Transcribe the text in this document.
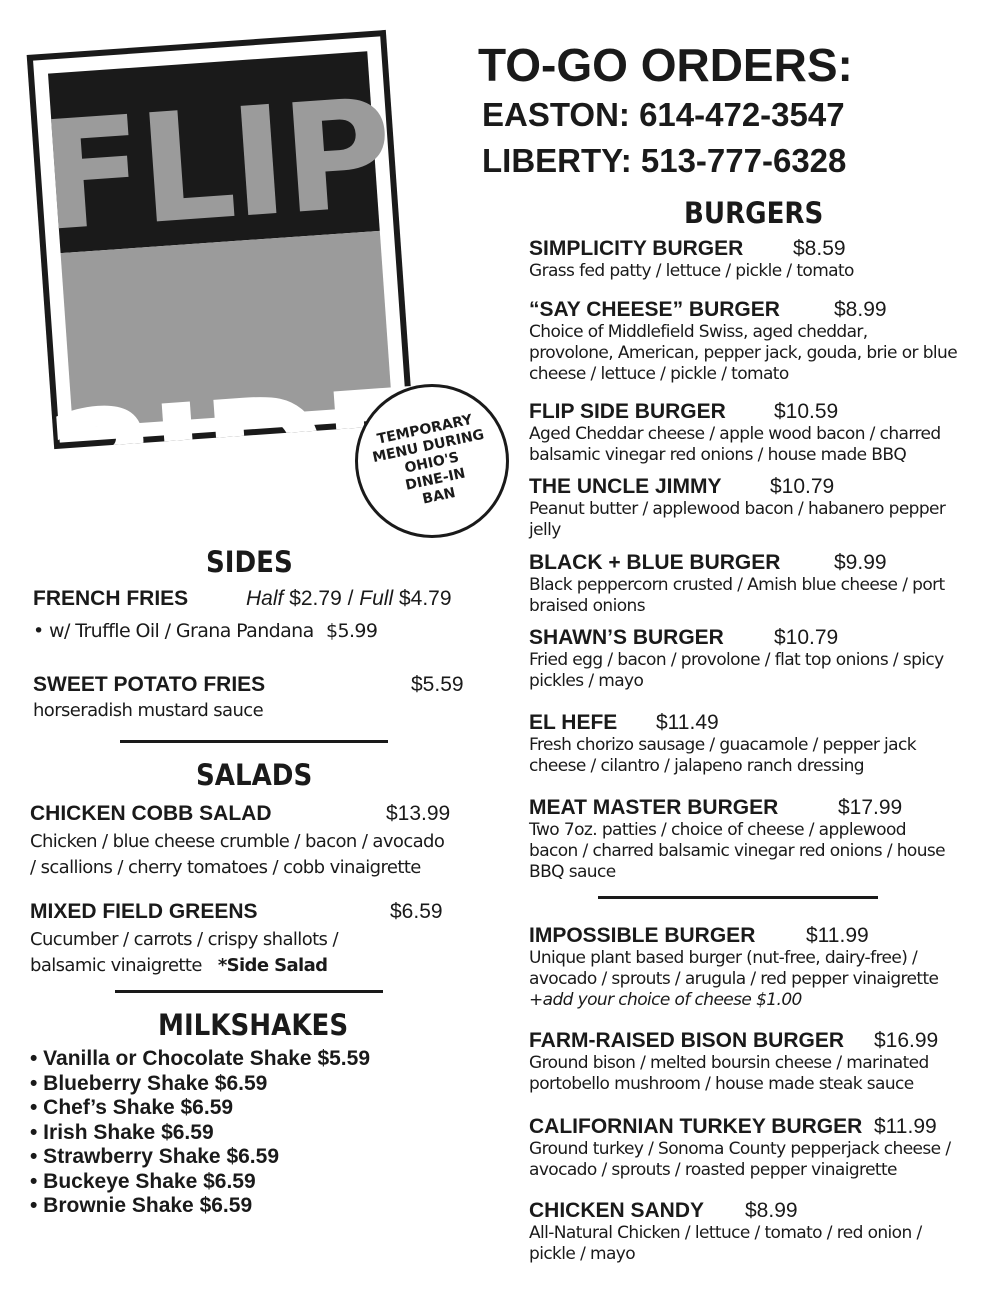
FLIP
TEMPORARY
MENU DURING
OHIO'S
DINE-IN
BAN
TO-GO ORDERS:
EASTON: 614-472-3547
LIBERTY: 513-777-6328
BURGERS
SIMPLICITY BURGER $8.59
Grass fed patty / lettuce / pickle / tomato
“SAY CHEESE” BURGER	$8.99
Choice of Middlefield Swiss, aged cheddar,
provolone, American, pepper jack, gouda, brie or blue
cheese / lettuce / pickle / tomato
FLIP SIDE BURGER $10.59
Aged Cheddar cheese / apple wood bacon / charred
balsamic vinegar red onions / house made BBQ
THE UNCLE JIMMY $10.79
Peanut butter / applewood bacon / habanero pepper
jelly
BLACK + BLUE BURGER	$9.99
Black peppercorn crusted / Amish blue cheese / port
braised onions
SHAWN’S BURGER $10.79
Fried egg / bacon / provolone / flat top onions / spicy
pickles / mayo
EL HEFE $11.49
Fresh chorizo sausage / guacamole / pepper jack
cheese / cilantro / jalapeno ranch dressing
MEAT MASTER BURGER	$17.99
Two 7oz. patties / choice of cheese / applewood
bacon / charred balsamic vinegar red onions / house
BBQ sauce
IMPOSSIBLE BURGER $11.99
Unique plant based burger (nut-free, dairy-free) /
avocado / sprouts / arugula / red pepper vinaigrette
+add your choice of cheese $1.00
FARM-RAISED BISON BURGER $16.99
Ground bison / melted boursin cheese / marinated
portobello mushroom / house made steak sauce
CALIFORNIAN TURKEY BURGER $11.99
Ground turkey / Sonoma County pepperjack cheese /
avocado / sprouts / roasted pepper vinaigrette
CHICKEN SANDY $8.99
All-Natural Chicken / lettuce / tomato / red onion /
pickle / mayo
SIDES
FRENCH FRIES	Half $2.79 / Full $4.79
• w/ Truffle Oil / Grana Pandana $5.99
SWEET POTATO FRIES	$5.59
horseradish mustard sauce
SALADS
CHICKEN COBB SALAD	$13.99
Chicken / blue cheese crumble / bacon / avocado
/ scallions / cherry tomatoes / cobb vinaigrette
MIXED FIELD GREENS	$6.59
Cucumber / carrots / crispy shallots /
balsamic vinaigrette *Side Salad
MILKSHAKES
• Vanilla or Chocolate Shake $5.59
• Blueberry Shake $6.59
• Chef’s Shake $6.59
• Irish Shake $6.59
• Strawberry Shake $6.59
• Buckeye Shake $6.59
• Brownie Shake $6.59
